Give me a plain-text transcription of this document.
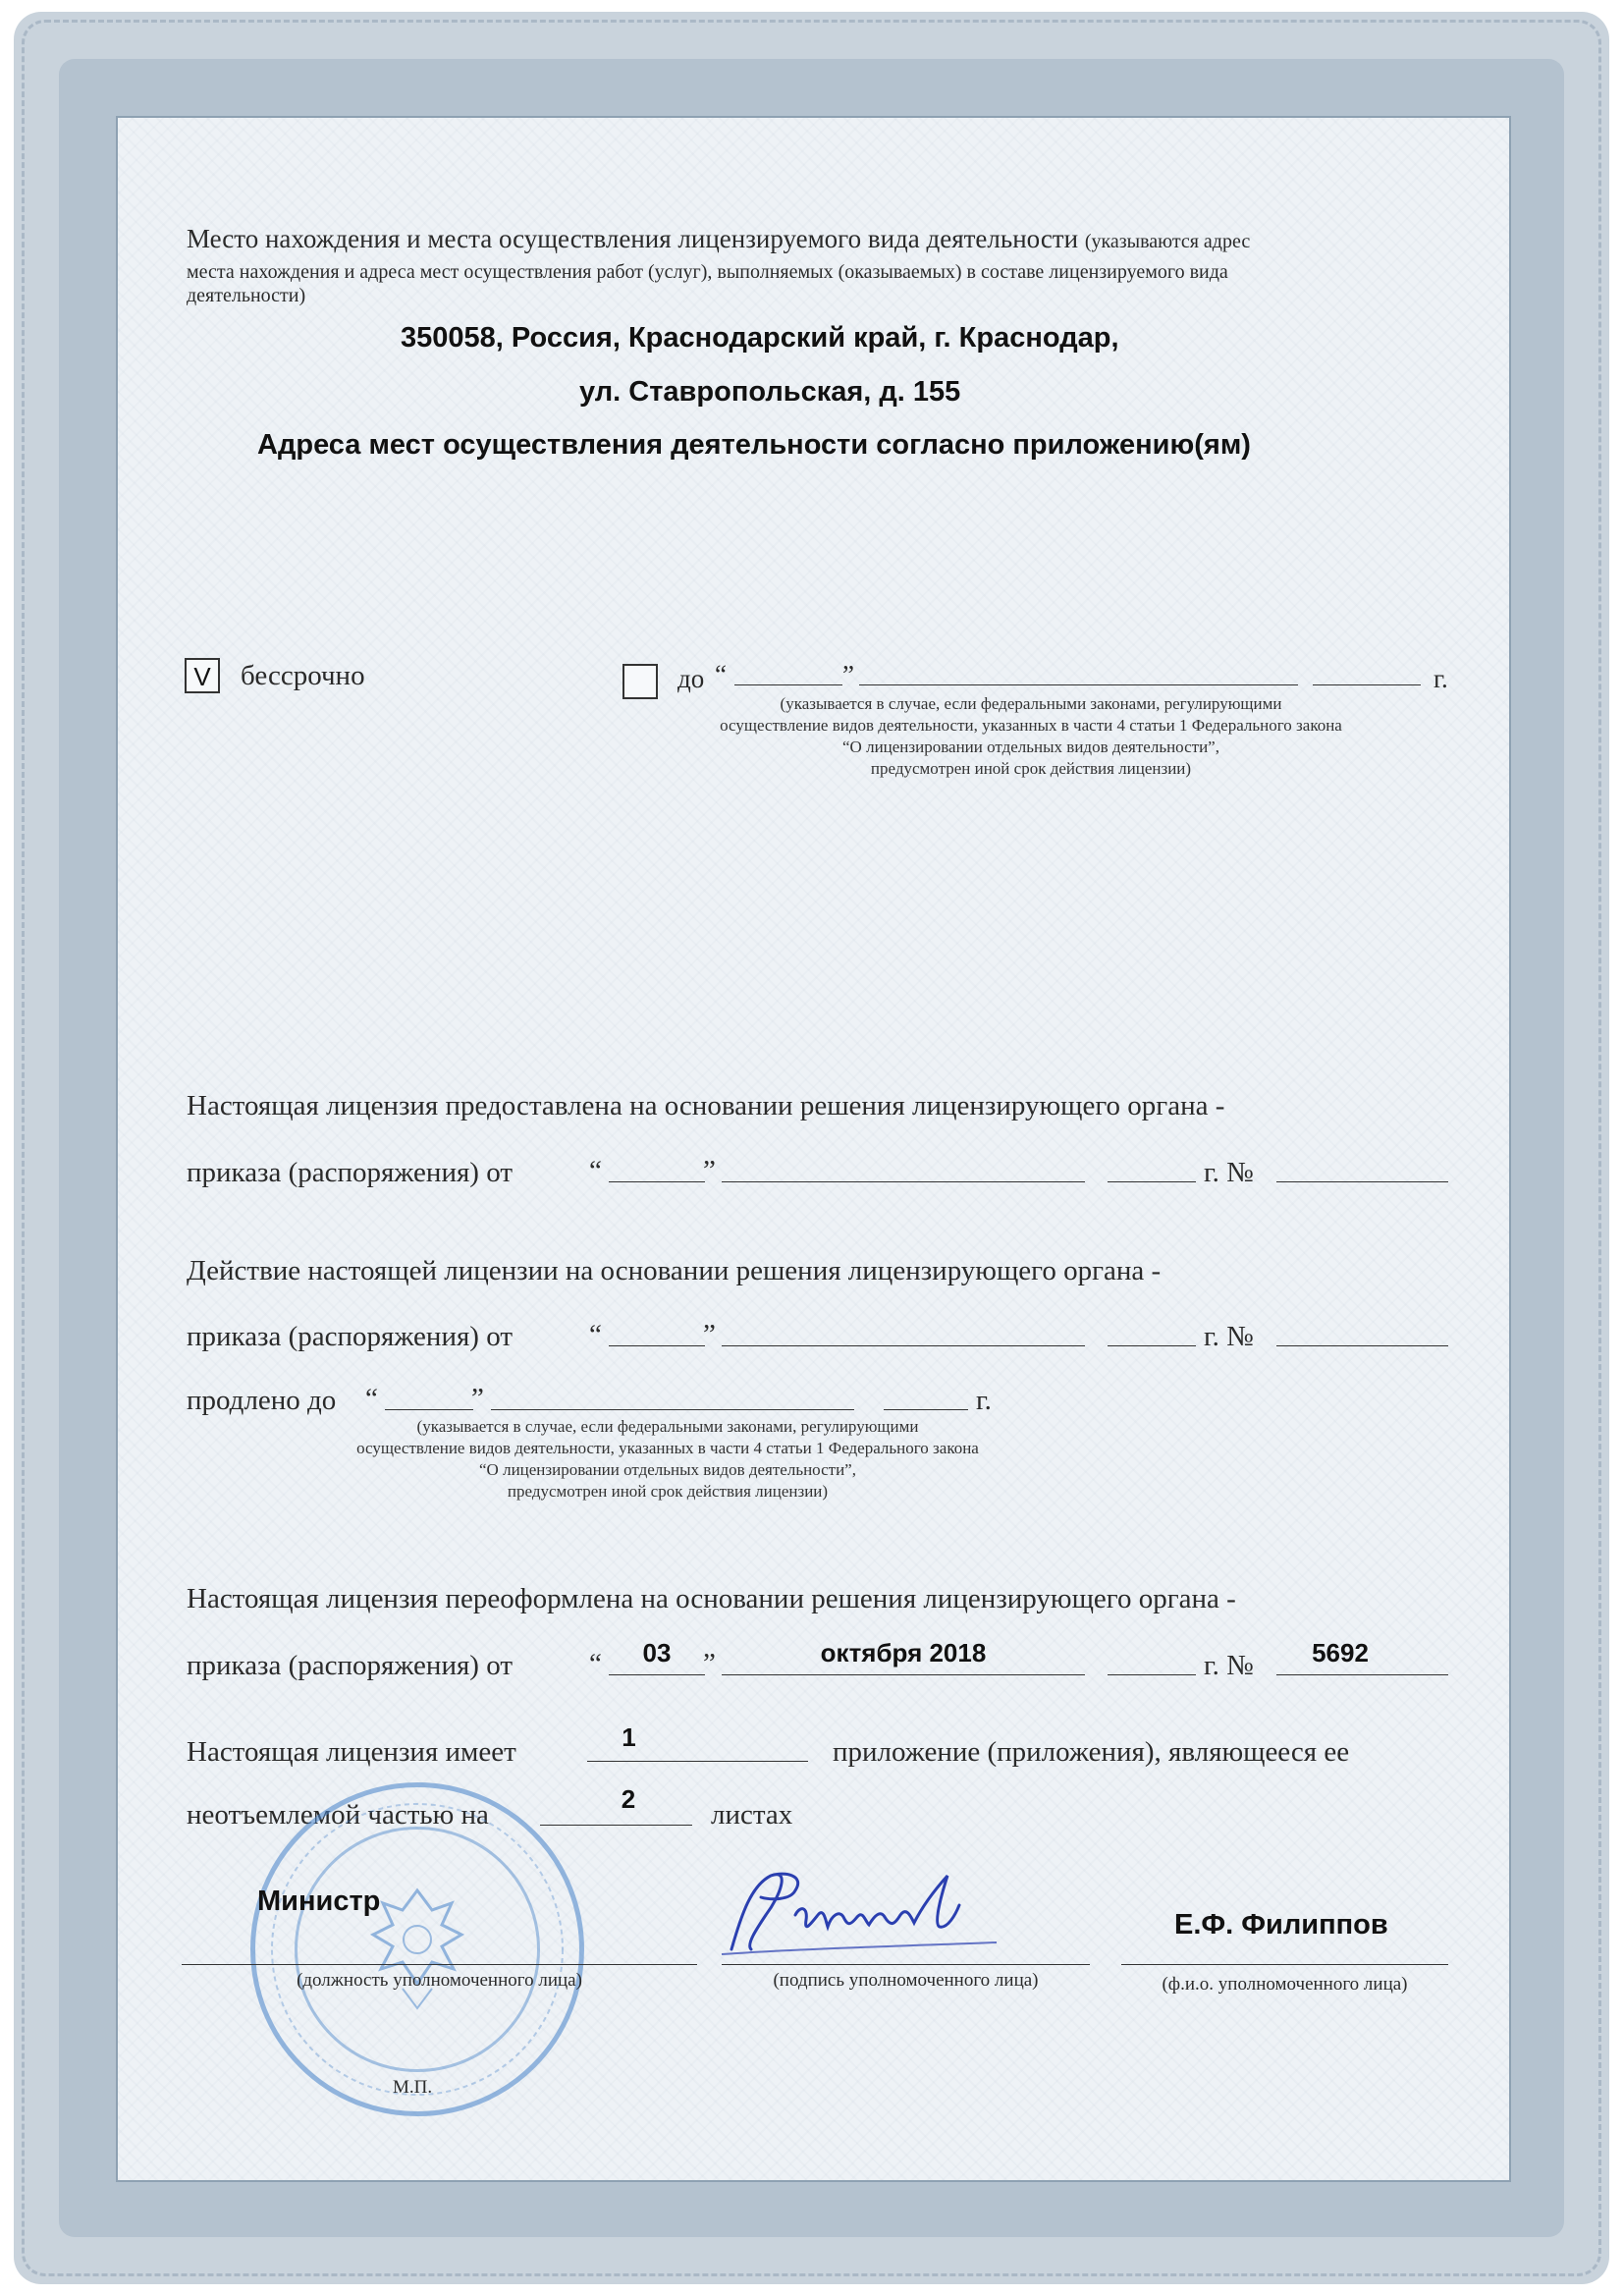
Место нахождения и места осуществления лицензируемого вида деятельности (указываются адрес
места нахождения и адреса мест осуществления работ (услуг), выполняемых (оказываемых) в составе лицензируемого вида
деятельности)
350058, Россия, Краснодарский край, г. Краснодар,
ул. Ставропольская, д. 155
Адреса мест осуществления деятельности согласно приложению(ям)
V	бессрочно	до “	”	г.
(указывается в случае, если федеральными законами, регулирующими
осуществление видов деятельности, указанных в части 4 статьи 1 Федерального закона
“О лицензировании отдельных видов деятельности”,
предусмотрен иной срок действия лицензии)
Настоящая лицензия предоставлена на основании решения лицензирующего органа -
приказа (распоряжения) от	“	”	г. №
Действие настоящей лицензии на основании решения лицензирующего органа -
приказа (распоряжения) от	“	”	г. №
продлено до “	”	г.
(указывается в случае, если федеральными законами, регулирующими
осуществление видов деятельности, указанных в части 4 статьи 1 Федерального закона
“О лицензировании отдельных видов деятельности”,
предусмотрен иной срок действия лицензии)
Настоящая лицензия переоформлена на основании решения лицензирующего органа -
приказа (распоряжения) от	“	03	”	октября 2018	г. №	5692
Настоящая лицензия имеет	1	приложение (приложения), являющееся ее
неотъемлемой частью на	2	листах
Министр
(должность уполномоченного лица)	(подпись уполномоченного лица)
Е.Ф. Филиппов
(ф.и.о. уполномоченного лица)
М.П.
